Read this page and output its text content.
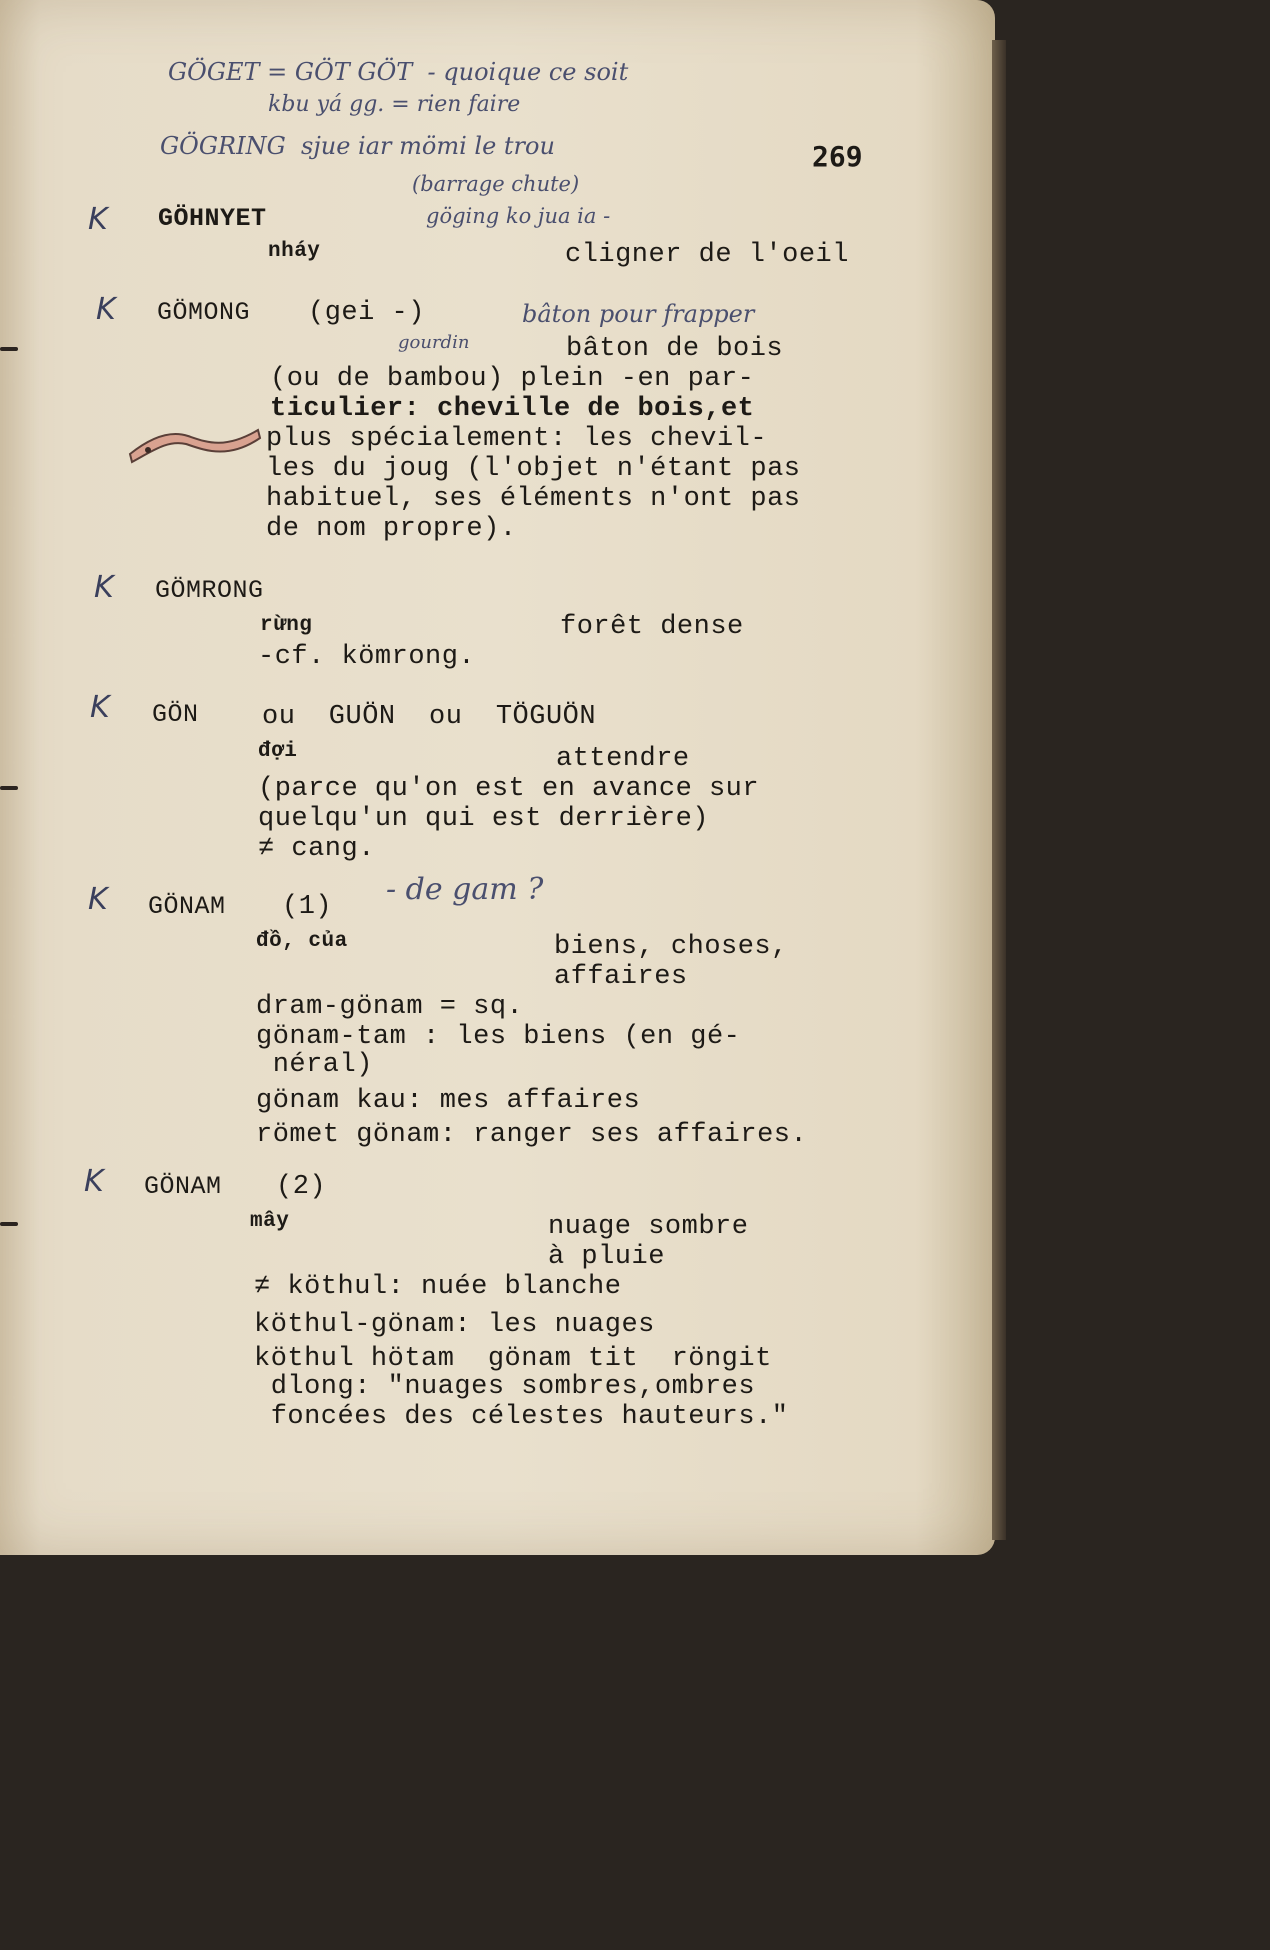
GÖGET = GÖT GÖT  - quoique ce soit
kbu yá gg. = rien faire
GÖGRING  sjue iar mömi le trou
(barrage chute)
göging ko jua ia -
269
K GÖHNYET
nháy	cligner de l'oeil
K GÖMONG (gei -)	bâton pour frapper
gourdin	bâton de bois
(ou de bambou) plein -en par-
ticulier: cheville de bois,et
plus spécialement: les chevil-
les du joug (l'objet n'étant pas
habituel, ses éléments n'ont pas
de nom propre).
K GÖMRONG
rừng	forêt dense
-cf. kömrong.
K GÖN ou  GUÖN  ou  TÖGUÖN
đợi	attendre
(parce qu'on est en avance sur
quelqu'un qui est derrière)
≠ cang.
K GÖNAM (1) - de gam ?
đồ, của	biens, choses,
affaires
dram-gönam = sq.
gönam-tam : les biens (en gé-
néral)
gönam kau: mes affaires
römet gönam: ranger ses affaires.
K GÖNAM (2)
mây	nuage sombre
à pluie
≠ köthul: nuée blanche
köthul-gönam: les nuages
köthul hötam  gönam tit  röngit
dlong: "nuages sombres,ombres
foncées des célestes hauteurs."
